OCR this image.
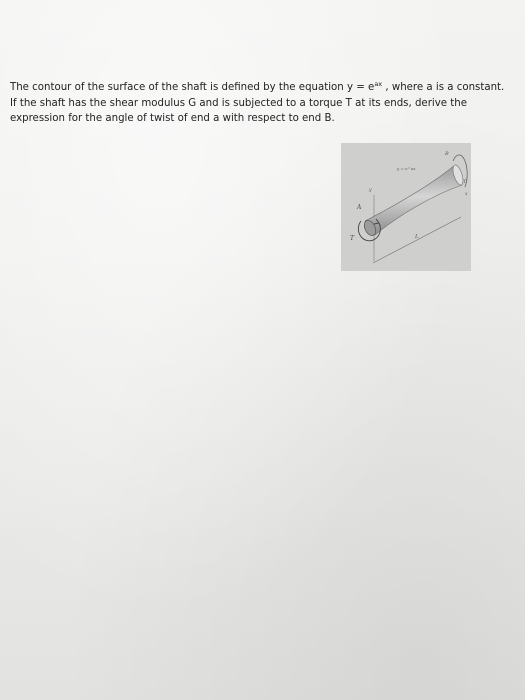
The contour of the surface of the shaft is defined by the equation $y = e^{ax}$ , where a is a constant.
If the shaft has the shear modulus G and is subjected to a torque T at its ends, derive the
expression for the angle of twist of end a with respect to end B.

A
B
T
T
L
y
x
y = e^ax
